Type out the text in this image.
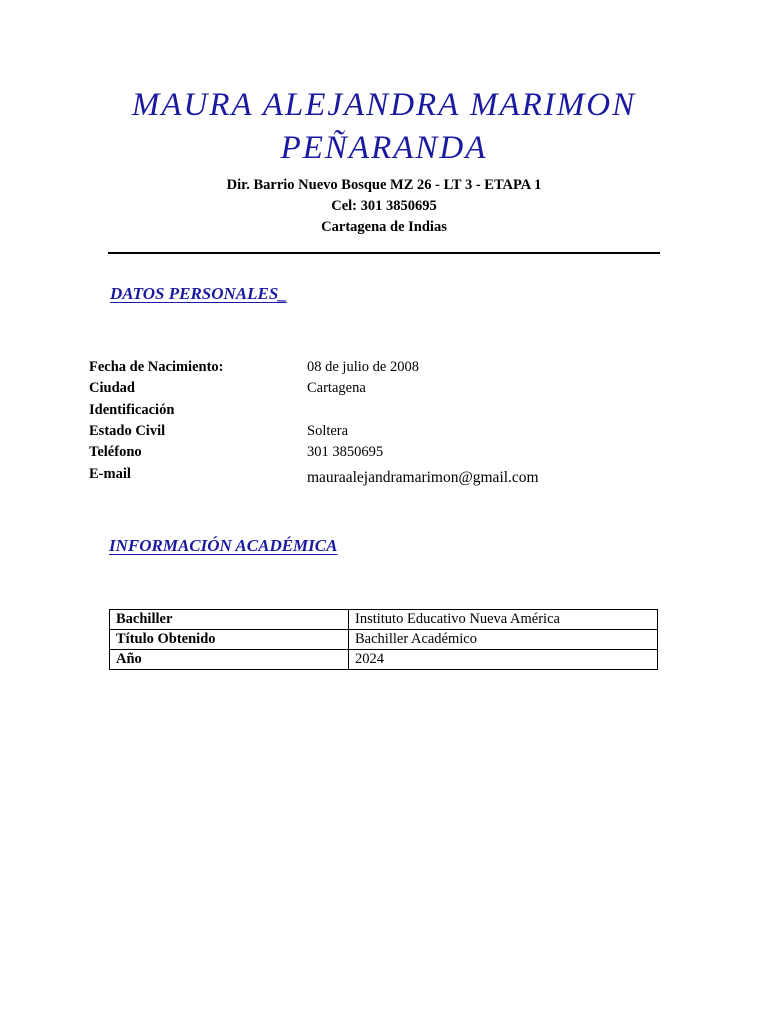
MAURA ALEJANDRA MARIMON
PEÑARANDA
Dir. Barrio Nuevo Bosque MZ 26 - LT 3 - ETAPA 1
Cel: 301 3850695
Cartagena de Indias
DATOS PERSONALES_
Fecha de Nacimiento:	08 de julio de 2008
Ciudad	Cartagena
Identificación
Estado Civil	Soltera
Teléfono	301 3850695
E-mail	mauraalejandramarimon@gmail.com
INFORMACIÓN ACADÉMICA
Bachiller	Instituto Educativo Nueva América
Título Obtenido	Bachiller Académico
Año	2024
